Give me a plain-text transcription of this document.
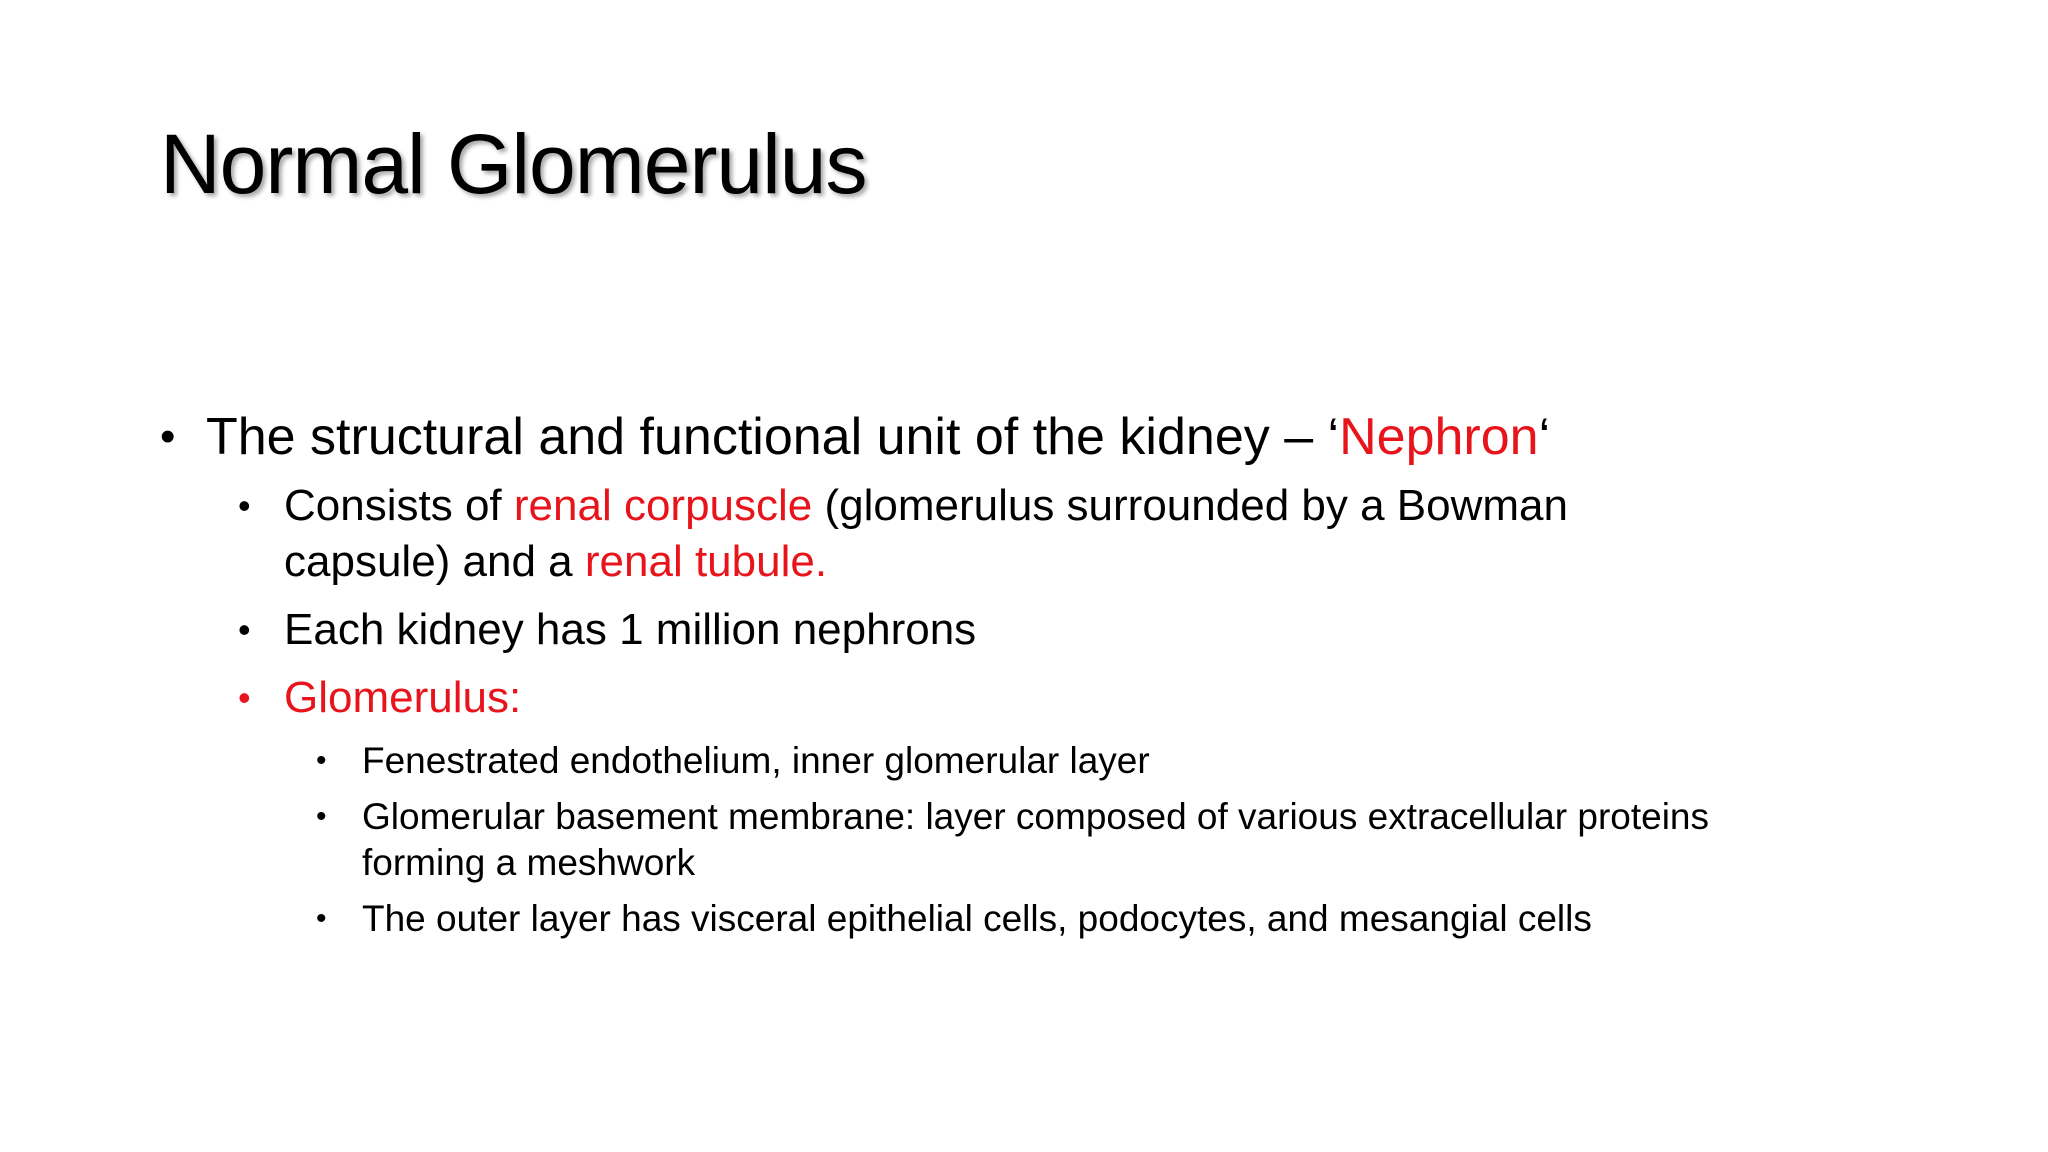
Normal Glomerulus

• The structural and functional unit of the kidney – ‘Nephron‘

• Consists of renal corpuscle (glomerulus surrounded by a Bowman capsule) and a renal tubule.

• Each kidney has 1 million nephrons

• Glomerulus:

• Fenestrated endothelium, inner glomerular layer

• Glomerular basement membrane: layer composed of various extracellular proteins forming a meshwork

• The outer layer has visceral epithelial cells, podocytes, and mesangial cells
